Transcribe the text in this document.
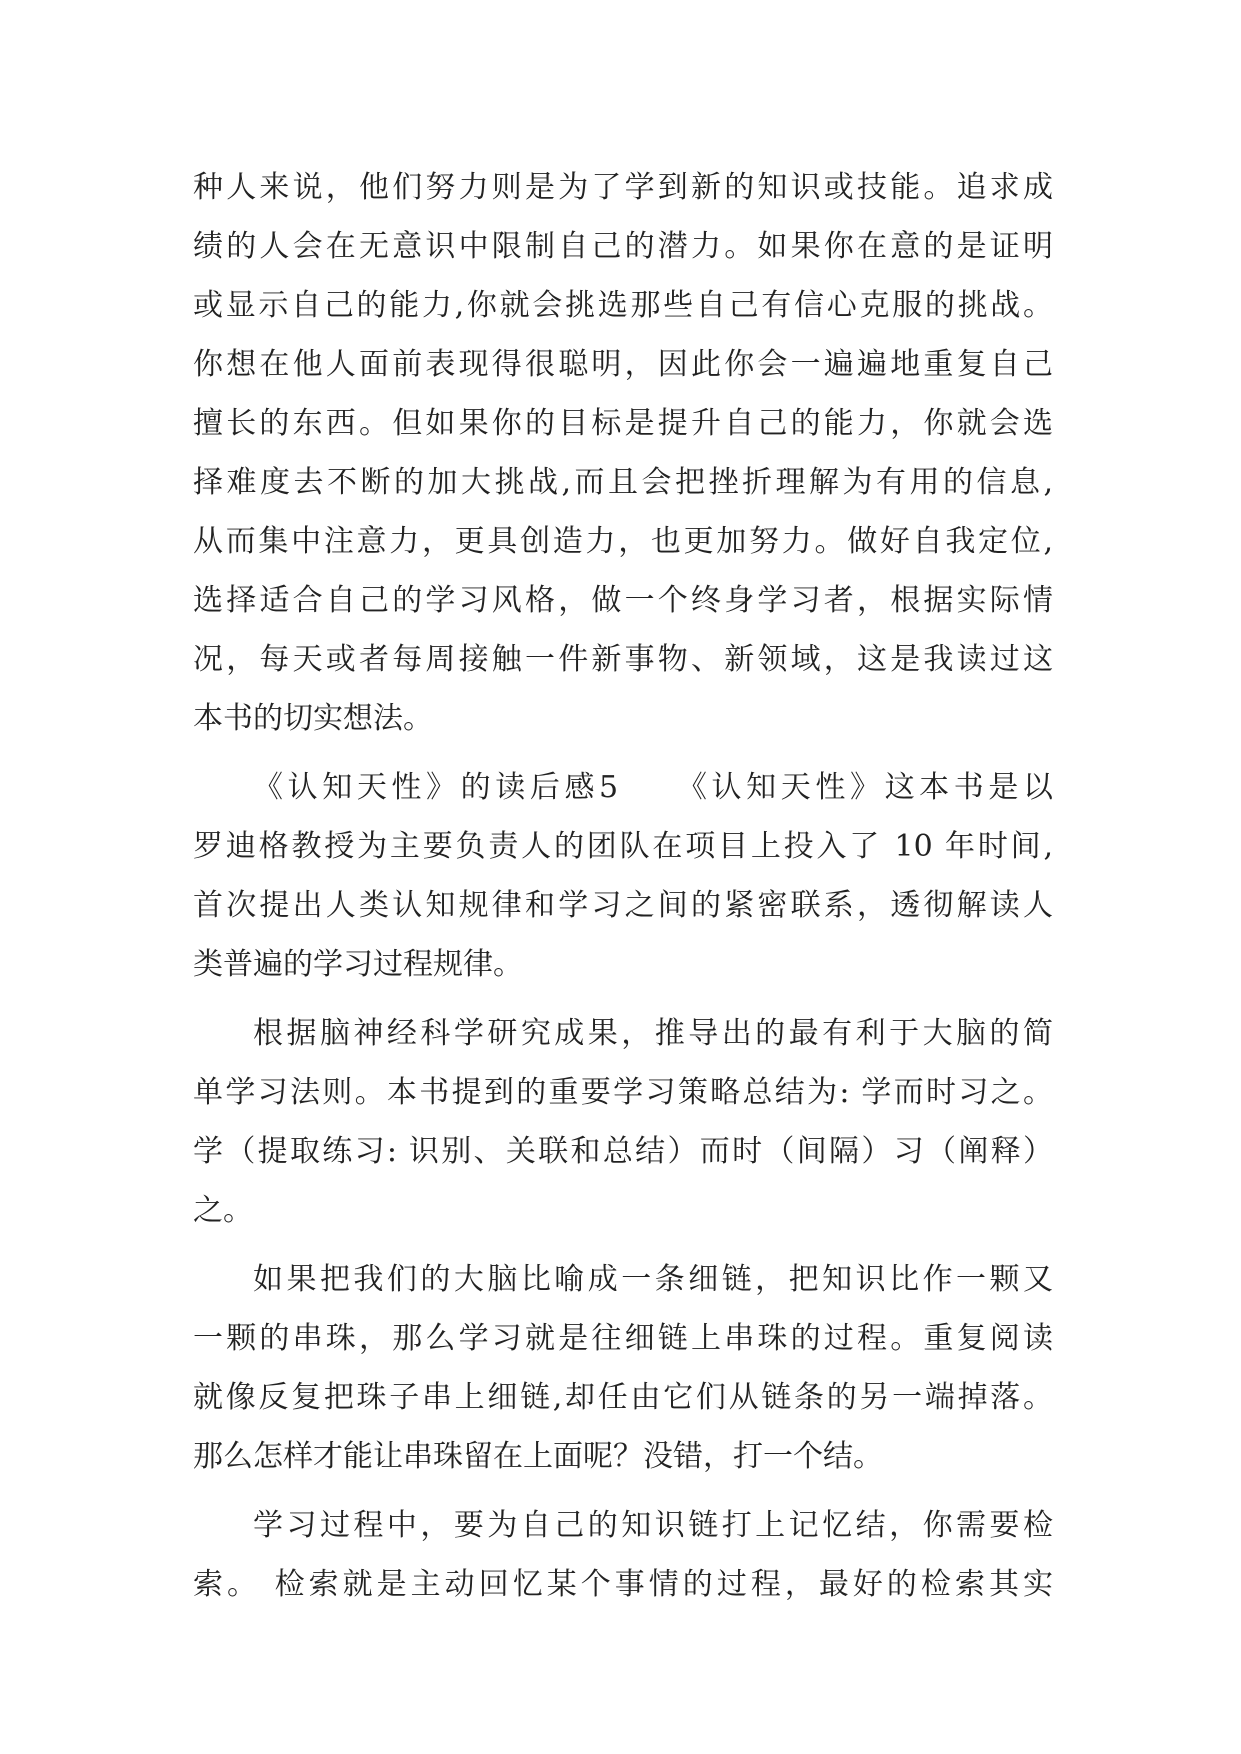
种人来说，他们努力则是为了学到新的知识或技能。追求成
绩的人会在无意识中限制自己的潜力。如果你在意的是证明
或显示自己的能力,你就会挑选那些自己有信心克服的挑战。
你想在他人面前表现得很聪明，因此你会一遍遍地重复自己
擅长的东西。但如果你的目标是提升自己的能力，你就会选
择难度去不断的加大挑战,而且会把挫折理解为有用的信息,
从而集中注意力，更具创造力，也更加努力。做好自我定位,
选择适合自己的学习风格，做一个终身学习者，根据实际情
况，每天或者每周接触一件新事物、新领域，这是我读过这
本书的切实想法。
《认知天性》的读后感5　　《认知天性》这本书是以
罗迪格教授为主要负责人的团队在项目上投入了 10 年时间,
首次提出人类认知规律和学习之间的紧密联系，透彻解读人
类普遍的学习过程规律。
根据脑神经科学研究成果，推导出的最有利于大脑的简
单学习法则。本书提到的重要学习策略总结为: 学而时习之。
学（提取练习: 识别、关联和总结）而时（间隔）习（阐释）
之。
如果把我们的大脑比喻成一条细链，把知识比作一颗又
一颗的串珠，那么学习就是往细链上串珠的过程。重复阅读
就像反复把珠子串上细链,却任由它们从链条的另一端掉落。
那么怎样才能让串珠留在上面呢？没错，打一个结。
学习过程中，要为自己的知识链打上记忆结，你需要检
索。 检索就是主动回忆某个事情的过程，最好的检索其实
